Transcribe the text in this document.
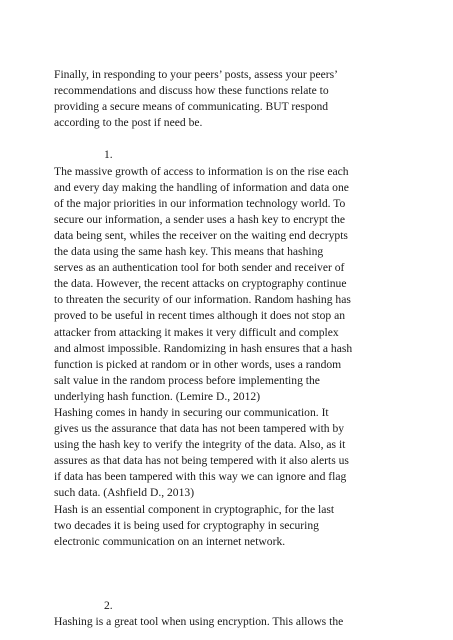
Finally, in responding to your peers’ posts, assess your peers’
recommendations and discuss how these functions relate to
providing a secure means of communicating. BUT respond
according to the post if need be.

1.

The massive growth of access to information is on the rise each
and every day making the handling of information and data one
of the major priorities in our information technology world. To
secure our information, a sender uses a hash key to encrypt the
data being sent, whiles the receiver on the waiting end decrypts
the data using the same hash key. This means that hashing
serves as an authentication tool for both sender and receiver of
the data. However, the recent attacks on cryptography continue
to threaten the security of our information. Random hashing has
proved to be useful in recent times although it does not stop an
attacker from attacking it makes it very difficult and complex
and almost impossible. Randomizing in hash ensures that a hash
function is picked at random or in other words, uses a random
salt value in the random process before implementing the
underlying hash function. (Lemire D., 2012)

Hashing comes in handy in securing our communication. It
gives us the assurance that data has not been tampered with by
using the hash key to verify the integrity of the data. Also, as it
assures as that data has not being tempered with it also alerts us
if data has been tampered with this way we can ignore and flag
such data. (Ashfield D., 2013)

Hash is an essential component in cryptographic, for the last
two decades it is being used for cryptography in securing
electronic communication on an internet network.

2.

Hashing is a great tool when using encryption. This allows the
